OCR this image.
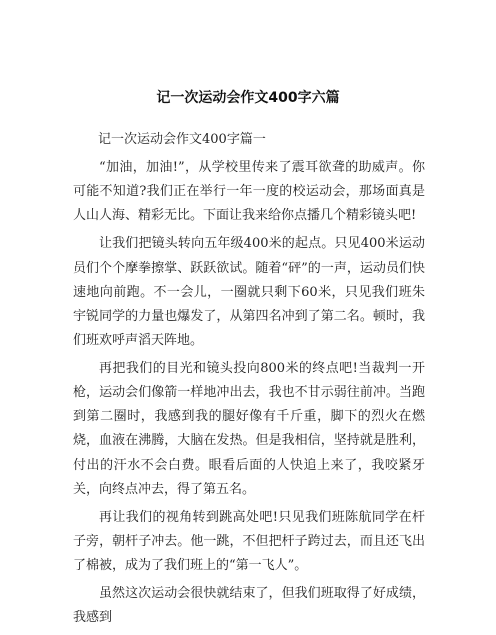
记一次运动会作文400字六篇
记一次运动会作文400字篇一

“加油，加油!”，从学校里传来了震耳欲聋的助威声。你可能不知道?我们正在举行一年一度的校运动会，那场面真是人山人海、精彩无比。下面让我来给你点播几个精彩镜头吧!

让我们把镜头转向五年级400米的起点。只见400米运动员们个个摩拳擦掌、跃跃欲试。随着“砰”的一声，运动员们快速地向前跑。不一会儿，一圈就只剩下60米，只见我们班朱宇锐同学的力量也爆发了，从第四名冲到了第二名。顿时，我们班欢呼声滔天阵地。

再把我们的目光和镜头投向800米的终点吧!当裁判一开枪，运动会们像箭一样地冲出去，我也不甘示弱往前冲。当跑到第二圈时，我感到我的腿好像有千斤重，脚下的烈火在燃烧，血液在沸腾，大脑在发热。但是我相信，坚持就是胜利，付出的汗水不会白费。眼看后面的人快追上来了，我咬紧牙关，向终点冲去，得了第五名。

再让我们的视角转到跳高处吧!只见我们班陈航同学在杆子旁，朝杆子冲去。他一跳，不但把杆子跨过去，而且还飞出了棉被，成为了我们班上的“第一飞人”。

虽然这次运动会很快就结束了，但我们班取得了好成绩，我感到
